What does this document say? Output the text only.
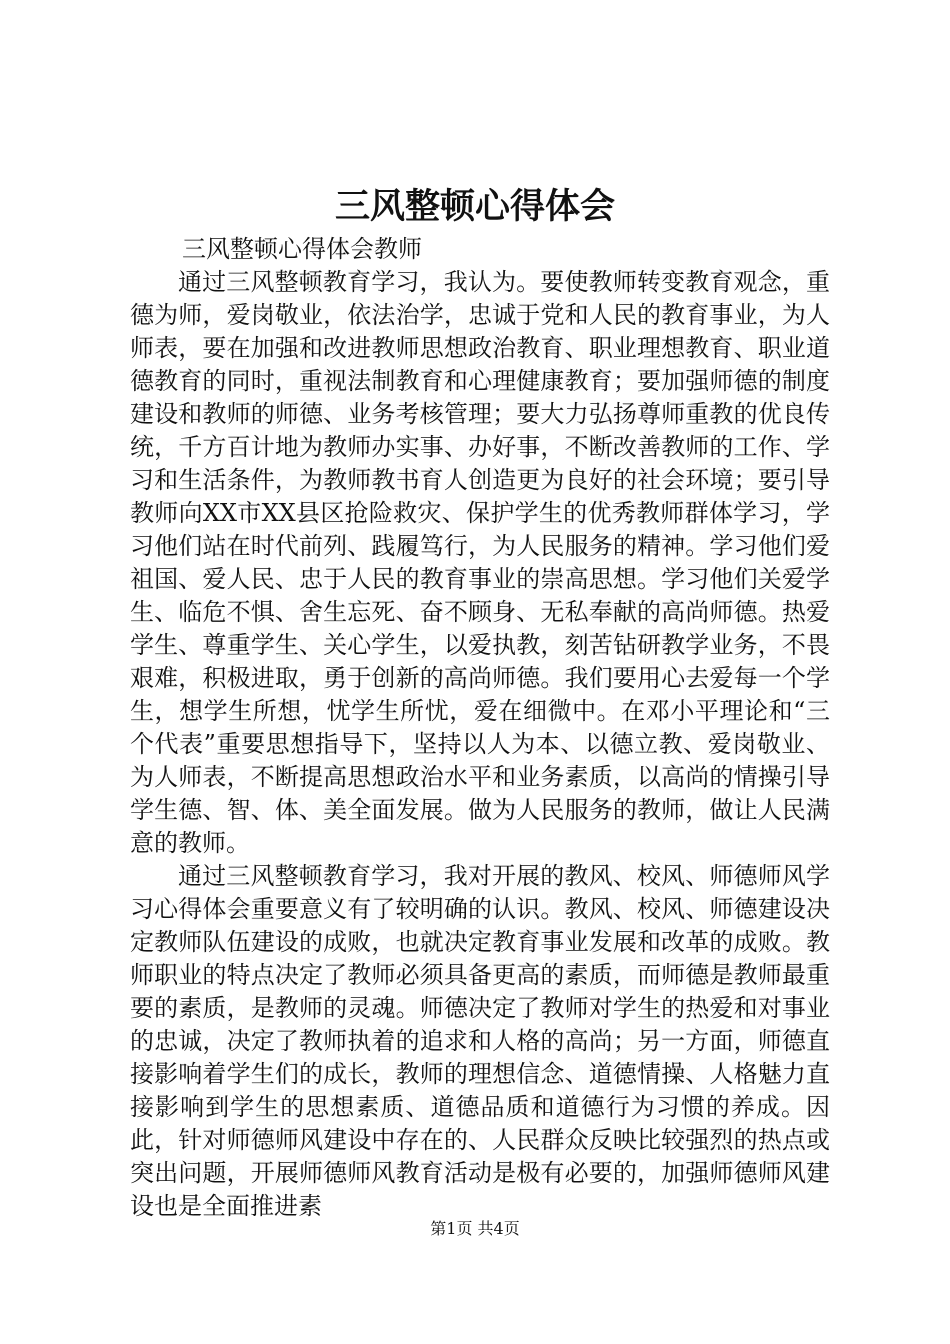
三风整顿心得体会

三风整顿心得体会教师

通过三风整顿教育学习，我认为。要使教师转变教育观念，重德为师，爱岗敬业，依法治学，忠诚于党和人民的教育事业，为人师表，要在加强和改进教师思想政治教育、职业理想教育、职业道德教育的同时，重视法制教育和心理健康教育；要加强师德的制度建设和教师的师德、业务考核管理；要大力弘扬尊师重教的优良传统，千方百计地为教师办实事、办好事，不断改善教师的工作、学习和生活条件，为教师教书育人创造更为良好的社会环境；要引导教师向XX市XX县区抢险救灾、保护学生的优秀教师群体学习，学习他们站在时代前列、践履笃行，为人民服务的精神。学习他们爱祖国、爱人民、忠于人民的教育事业的崇高思想。学习他们关爱学生、临危不惧、舍生忘死、奋不顾身、无私奉献的高尚师德。热爱学生、尊重学生、关心学生，以爱执教，刻苦钻研教学业务，不畏艰难，积极进取，勇于创新的高尚师德。我们要用心去爱每一个学生，想学生所想，忧学生所忧，爱在细微中。在邓小平理论和“三个代表”重要思想指导下，坚持以人为本、以德立教、爱岗敬业、为人师表，不断提高思想政治水平和业务素质，以高尚的情操引导学生德、智、体、美全面发展。做为人民服务的教师，做让人民满意的教师。

通过三风整顿教育学习，我对开展的教风、校风、师德师风学习心得体会重要意义有了较明确的认识。教风、校风、师德建设决定教师队伍建设的成败，也就决定教育事业发展和改革的成败。教师职业的特点决定了教师必须具备更高的素质，而师德是教师最重要的素质，是教师的灵魂。师德决定了教师对学生的热爱和对事业的忠诚，决定了教师执着的追求和人格的高尚；另一方面，师德直接影响着学生们的成长，教师的理想信念、道德情操、人格魅力直接影响到学生的思想素质、道德品质和道德行为习惯的养成。因此，针对师德师风建设中存在的、人民群众反映比较强烈的热点或突出问题，开展师德师风教育活动是极有必要的，加强师德师风建设也是全面推进素

第1页 共4页
